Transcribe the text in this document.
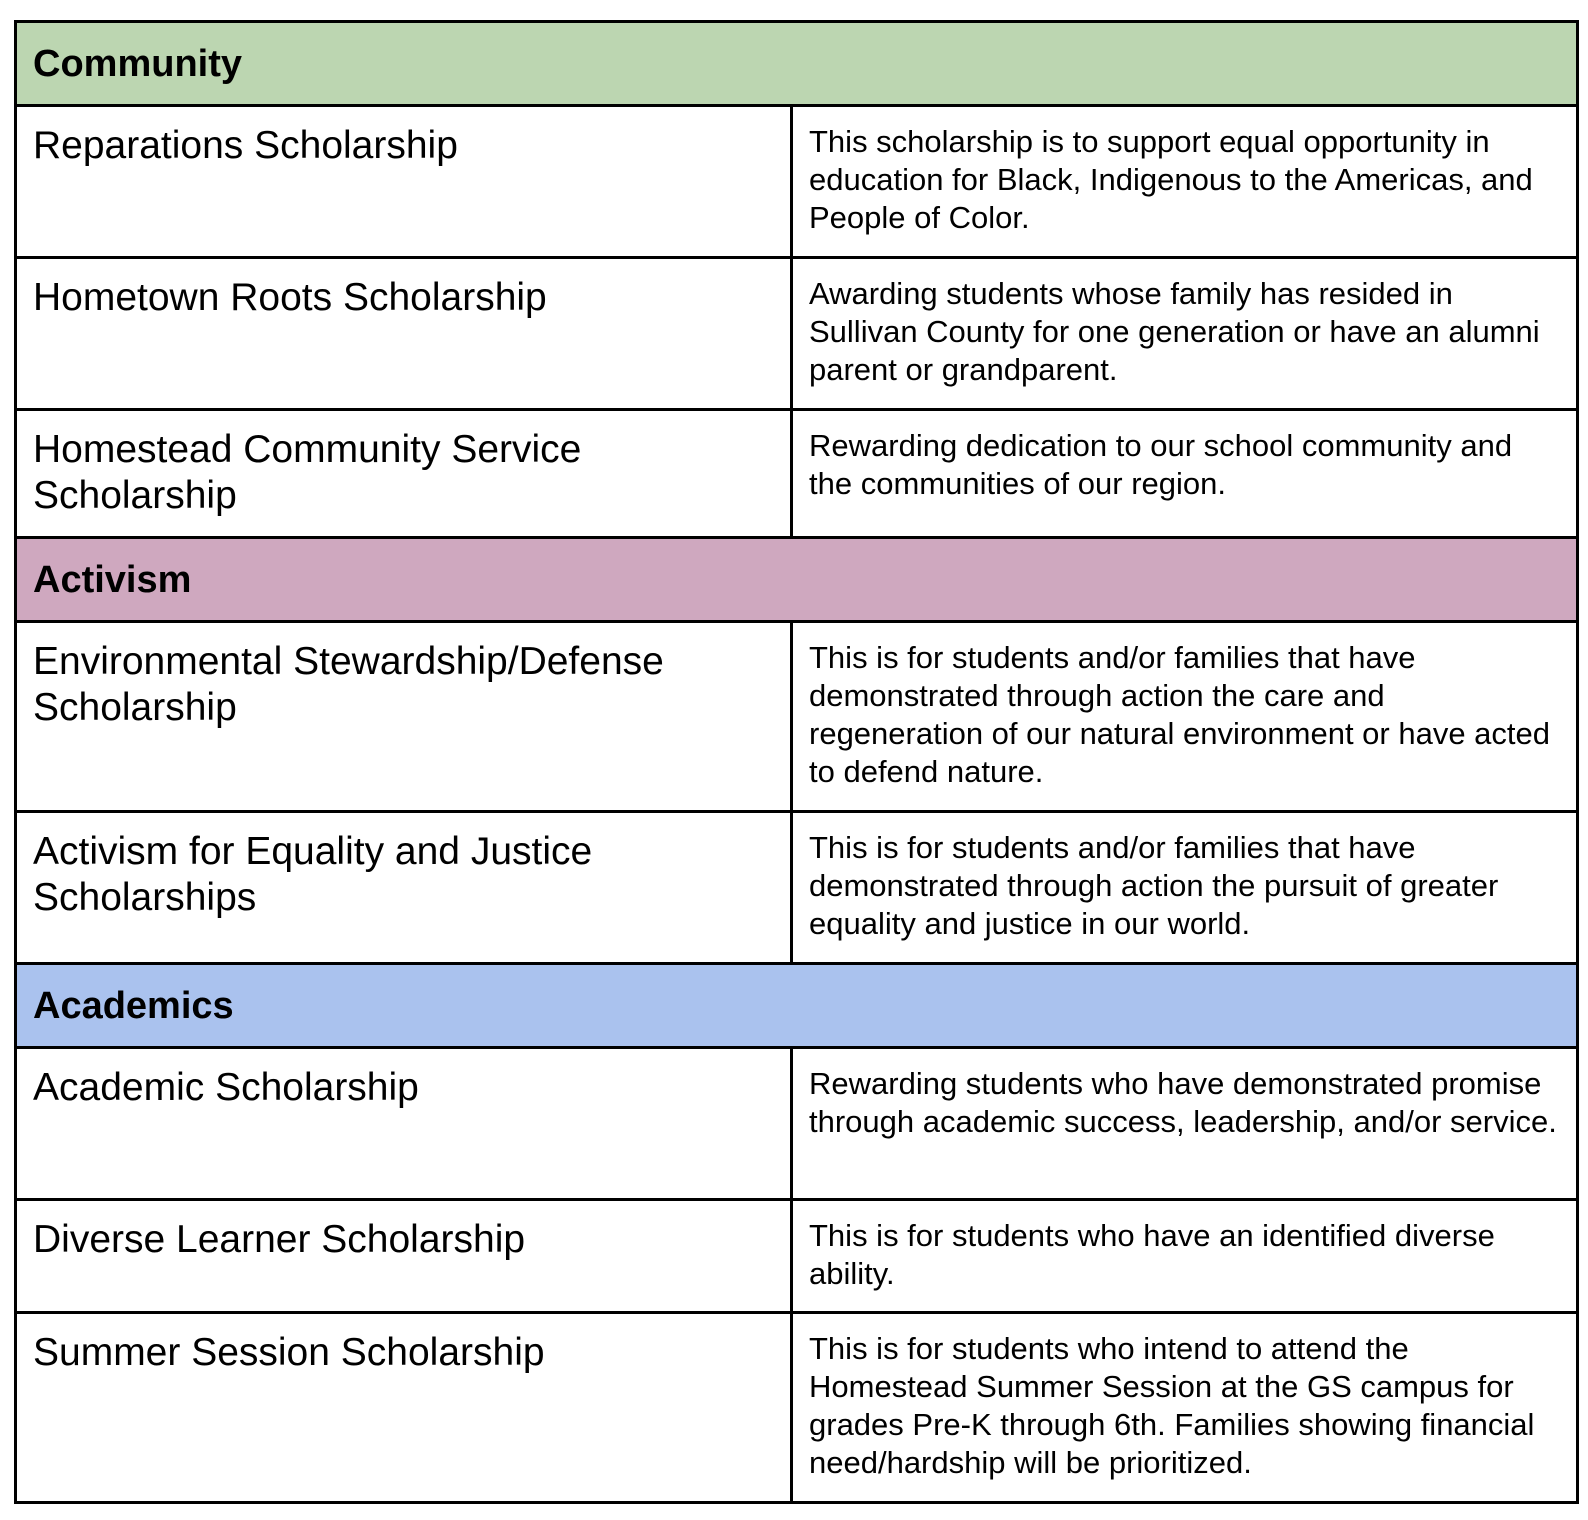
Community	
Reparations Scholarship	This scholarship is to support equal opportunity in education for Black, Indigenous to the Americas, and People of Color.
Hometown Roots Scholarship	Awarding students whose family has resided in Sullivan County for one generation or have an alumni parent or grandparent.
Homestead Community Service Scholarship	Rewarding dedication to our school community and the communities of our region.
Activism	
Environmental Stewardship/Defense Scholarship	This is for students and/or families that have demonstrated through action the care and regeneration of our natural environment or have acted to defend nature.
Activism for Equality and Justice Scholarships	This is for students and/or families that have demonstrated through action the pursuit of greater equality and justice in our world.
Academics	
Academic Scholarship	Rewarding students who have demonstrated promise through academic success, leadership, and/or service.
Diverse Learner Scholarship	This is for students who have an identified diverse ability.
Summer Session Scholarship	This is for students who intend to attend the Homestead Summer Session at the GS campus for grades Pre-K through 6th. Families showing financial need/hardship will be prioritized.
